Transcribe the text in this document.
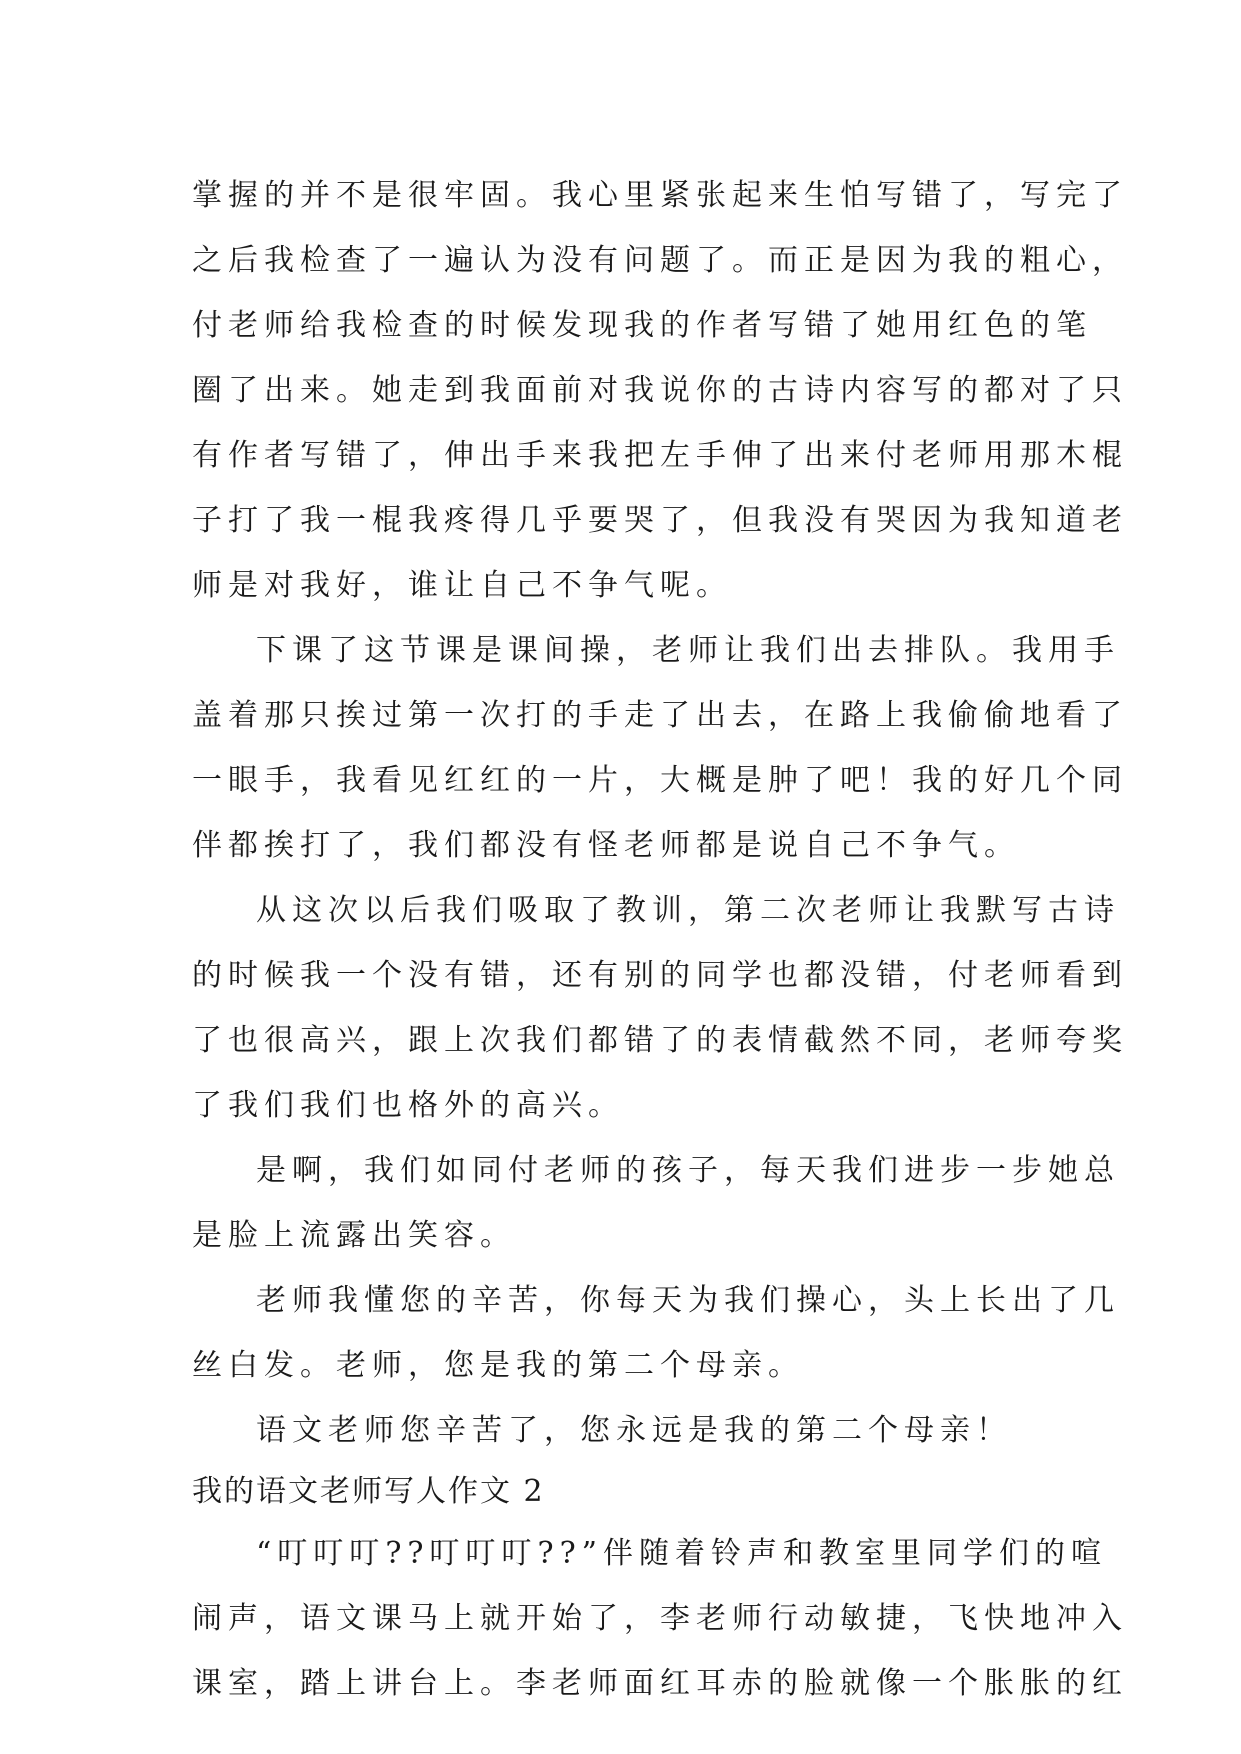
掌握的并不是很牢固。我心里紧张起来生怕写错了，写完了
之后我检查了一遍认为没有问题了。而正是因为我的粗心，
付老师给我检查的时候发现我的作者写错了她用红色的笔
圈了出来。她走到我面前对我说你的古诗内容写的都对了只
有作者写错了，伸出手来我把左手伸了出来付老师用那木棍
子打了我一棍我疼得几乎要哭了，但我没有哭因为我知道老
师是对我好，谁让自己不争气呢。
下课了这节课是课间操，老师让我们出去排队。我用手
盖着那只挨过第一次打的手走了出去，在路上我偷偷地看了
一眼手，我看见红红的一片，大概是肿了吧！我的好几个同
伴都挨打了，我们都没有怪老师都是说自己不争气。
从这次以后我们吸取了教训，第二次老师让我默写古诗
的时候我一个没有错，还有别的同学也都没错，付老师看到
了也很高兴，跟上次我们都错了的表情截然不同，老师夸奖
了我们我们也格外的高兴。
是啊，我们如同付老师的孩子，每天我们进步一步她总
是脸上流露出笑容。
老师我懂您的辛苦，你每天为我们操心，头上长出了几
丝白发。老师，您是我的第二个母亲。
语文老师您辛苦了，您永远是我的第二个母亲！
我的语文老师写人作文 2
“叮叮叮??叮叮叮??”伴随着铃声和教室里同学们的喧
闹声，语文课马上就开始了，李老师行动敏捷，飞快地冲入
课室，踏上讲台上。李老师面红耳赤的脸就像一个胀胀的红
